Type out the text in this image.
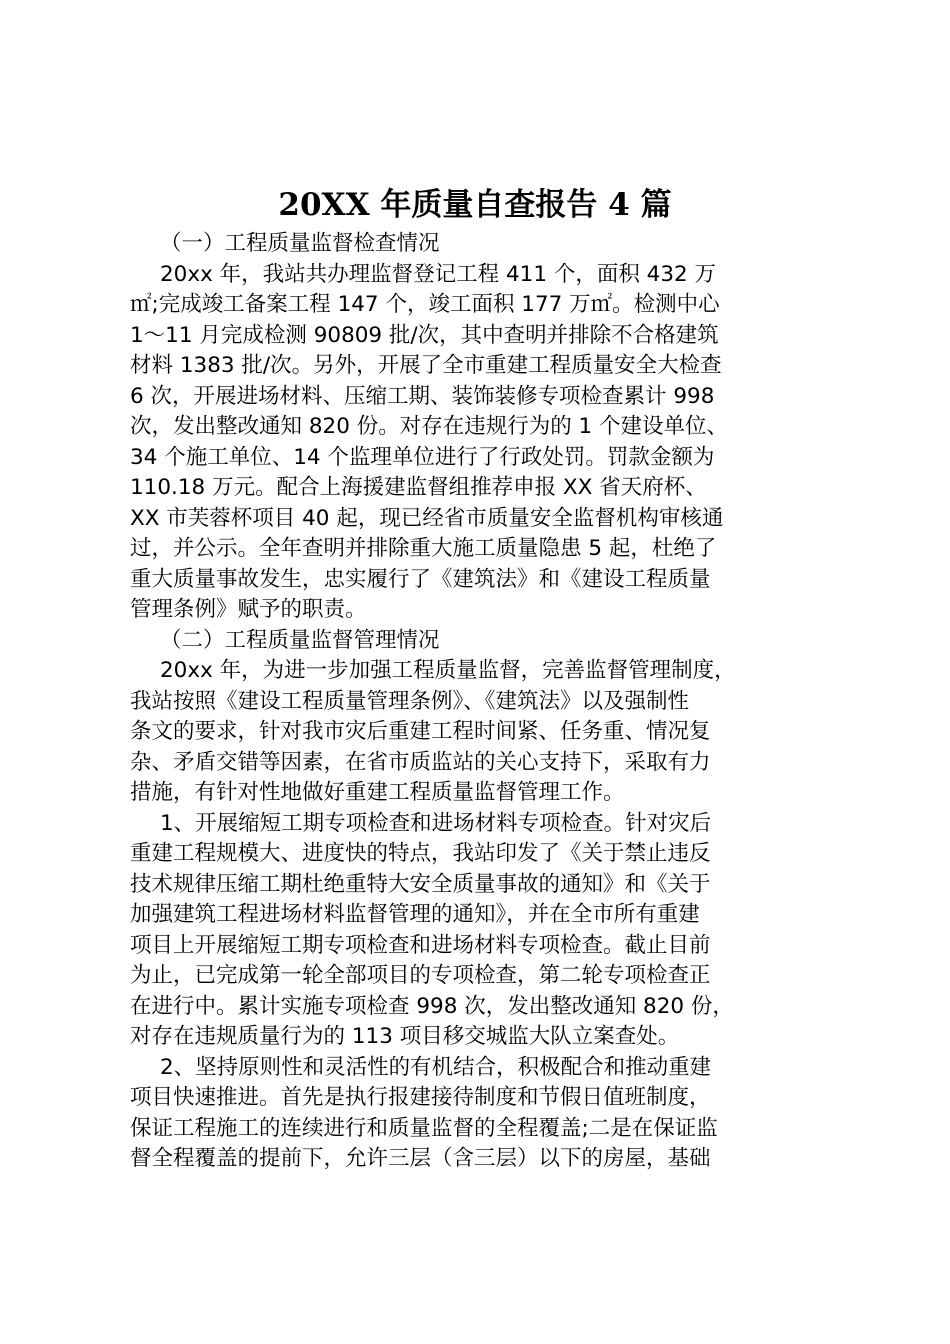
20XX 年质量自查报告 4 篇
（一）工程质量监督检查情况
20xx 年，我站共办理监督登记工程 411 个，面积 432 万
㎡;完成竣工备案工程 147 个，竣工面积 177 万㎡。检测中心
1～11 月完成检测 90809 批/次，其中查明并排除不合格建筑
材料 1383 批/次。另外，开展了全市重建工程质量安全大检查
6 次，开展进场材料、压缩工期、装饰装修专项检查累计 998
次，发出整改通知 820 份。对存在违规行为的 1 个建设单位、
34 个施工单位、14 个监理单位进行了行政处罚。罚款金额为
110.18 万元。配合上海援建监督组推荐申报 XX 省天府杯、
XX 市芙蓉杯项目 40 起，现已经省市质量安全监督机构审核通
过，并公示。全年查明并排除重大施工质量隐患 5 起，杜绝了
重大质量事故发生，忠实履行了《建筑法》和《建设工程质量
管理条例》赋予的职责。
（二）工程质量监督管理情况
20xx 年，为进一步加强工程质量监督，完善监督管理制度，
我站按照《建设工程质量管理条例》、《建筑法》以及强制性
条文的要求，针对我市灾后重建工程时间紧、任务重、情况复
杂、矛盾交错等因素，在省市质监站的关心支持下，采取有力
措施，有针对性地做好重建工程质量监督管理工作。
1、开展缩短工期专项检查和进场材料专项检查。针对灾后
重建工程规模大、进度快的特点，我站印发了《关于禁止违反
技术规律压缩工期杜绝重特大安全质量事故的通知》和《关于
加强建筑工程进场材料监督管理的通知》，并在全市所有重建
项目上开展缩短工期专项检查和进场材料专项检查。截止目前
为止，已完成第一轮全部项目的专项检查，第二轮专项检查正
在进行中。累计实施专项检查 998 次，发出整改通知 820 份，
对存在违规质量行为的 113 项目移交城监大队立案查处。
2、坚持原则性和灵活性的有机结合，积极配合和推动重建
项目快速推进。首先是执行报建接待制度和节假日值班制度，
保证工程施工的连续进行和质量监督的全程覆盖;二是在保证监
督全程覆盖的提前下，允许三层（含三层）以下的房屋，基础
